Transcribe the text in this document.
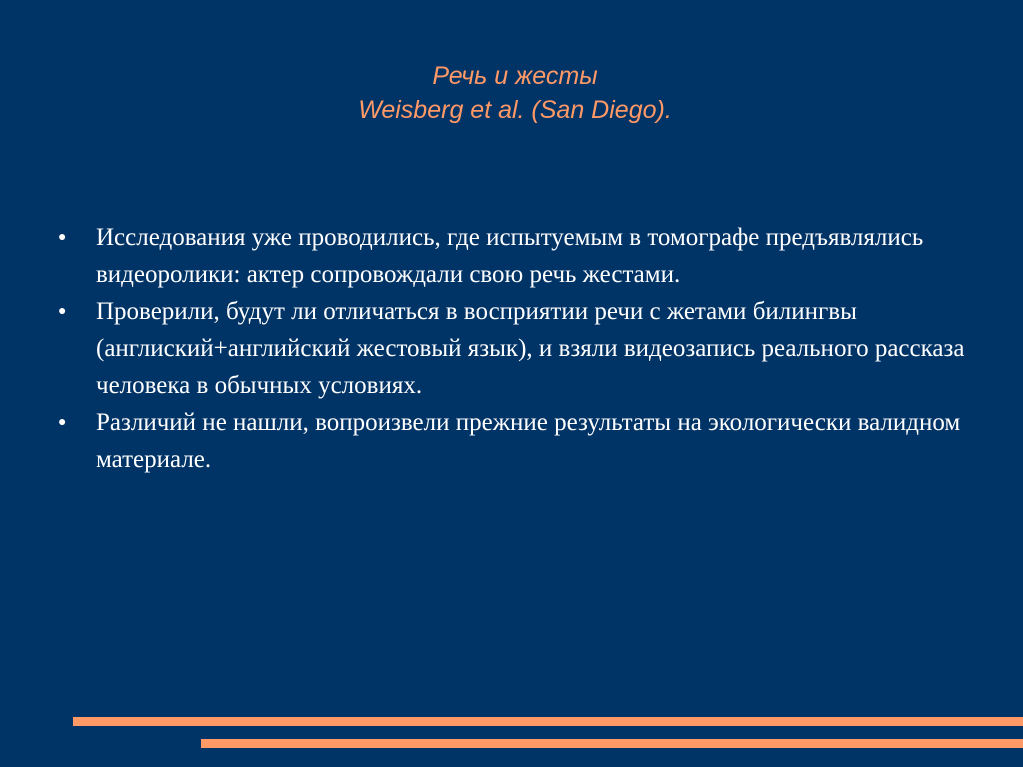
Речь и жесты
Weisberg et al. (San Diego).
● Исследования уже проводились, где испытуемым в томографе предъявлялись видеоролики: актер сопровождали свою речь жестами.
● Проверили, будут ли отличаться в восприятии речи с жетами билингвы (англиский+английский жестовый язык), и взяли видеозапись реального рассказа человека в обычных условиях.
● Различий не нашли, вопроизвели прежние результаты на экологически валидном материале.
